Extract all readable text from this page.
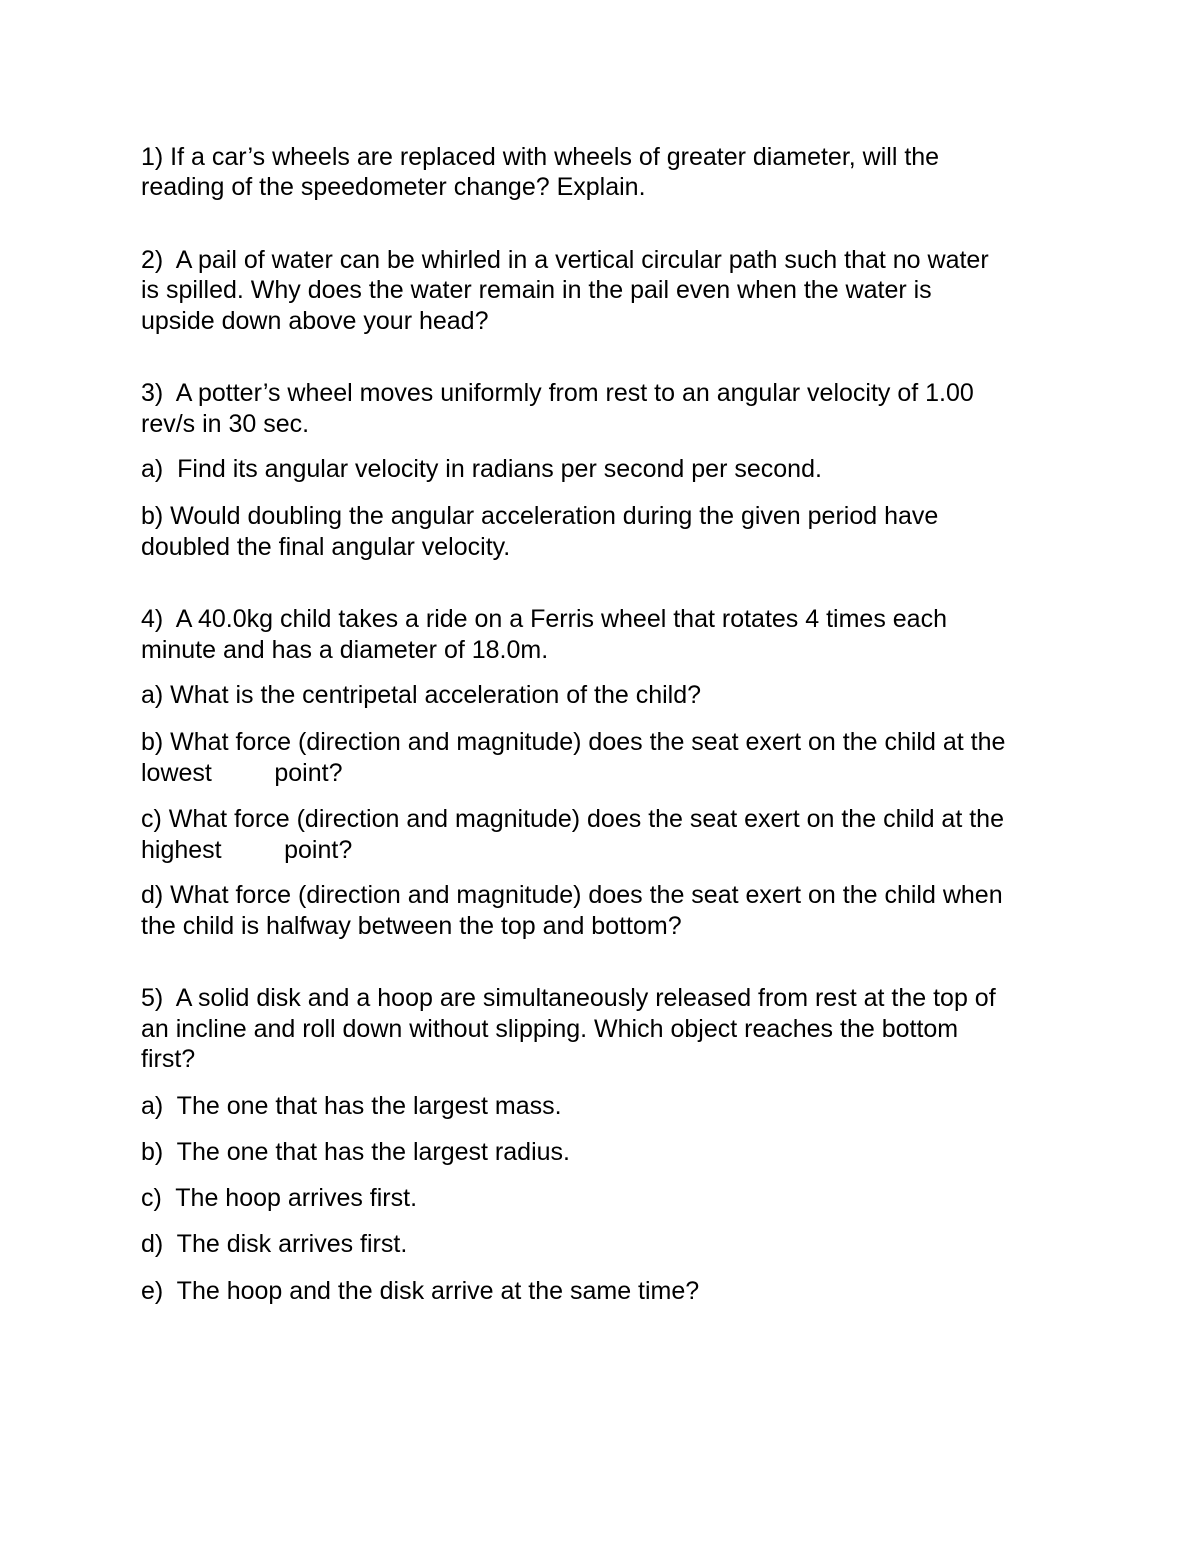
1) If a car’s wheels are replaced with wheels of greater diameter, will the
reading of the speedometer change? Explain.
2)  A pail of water can be whirled in a vertical circular path such that no water
is spilled. Why does the water remain in the pail even when the water is
upside down above your head?
3)  A potter’s wheel moves uniformly from rest to an angular velocity of 1.00
rev/s in 30 sec.
a)  Find its angular velocity in radians per second per second.
b) Would doubling the angular acceleration during the given period have
doubled the final angular velocity.
4)  A 40.0kg child takes a ride on a Ferris wheel that rotates 4 times each
minute and has a diameter of 18.0m.
a) What is the centripetal acceleration of the child?
b) What force (direction and magnitude) does the seat exert on the child at the
lowest         point?
c) What force (direction and magnitude) does the seat exert on the child at the
highest         point?
d) What force (direction and magnitude) does the seat exert on the child when
the child is halfway between the top and bottom?
5)  A solid disk and a hoop are simultaneously released from rest at the top of
an incline and roll down without slipping. Which object reaches the bottom
first?
a)  The one that has the largest mass.
b)  The one that has the largest radius.
c)  The hoop arrives first.
d)  The disk arrives first.
e)  The hoop and the disk arrive at the same time?
